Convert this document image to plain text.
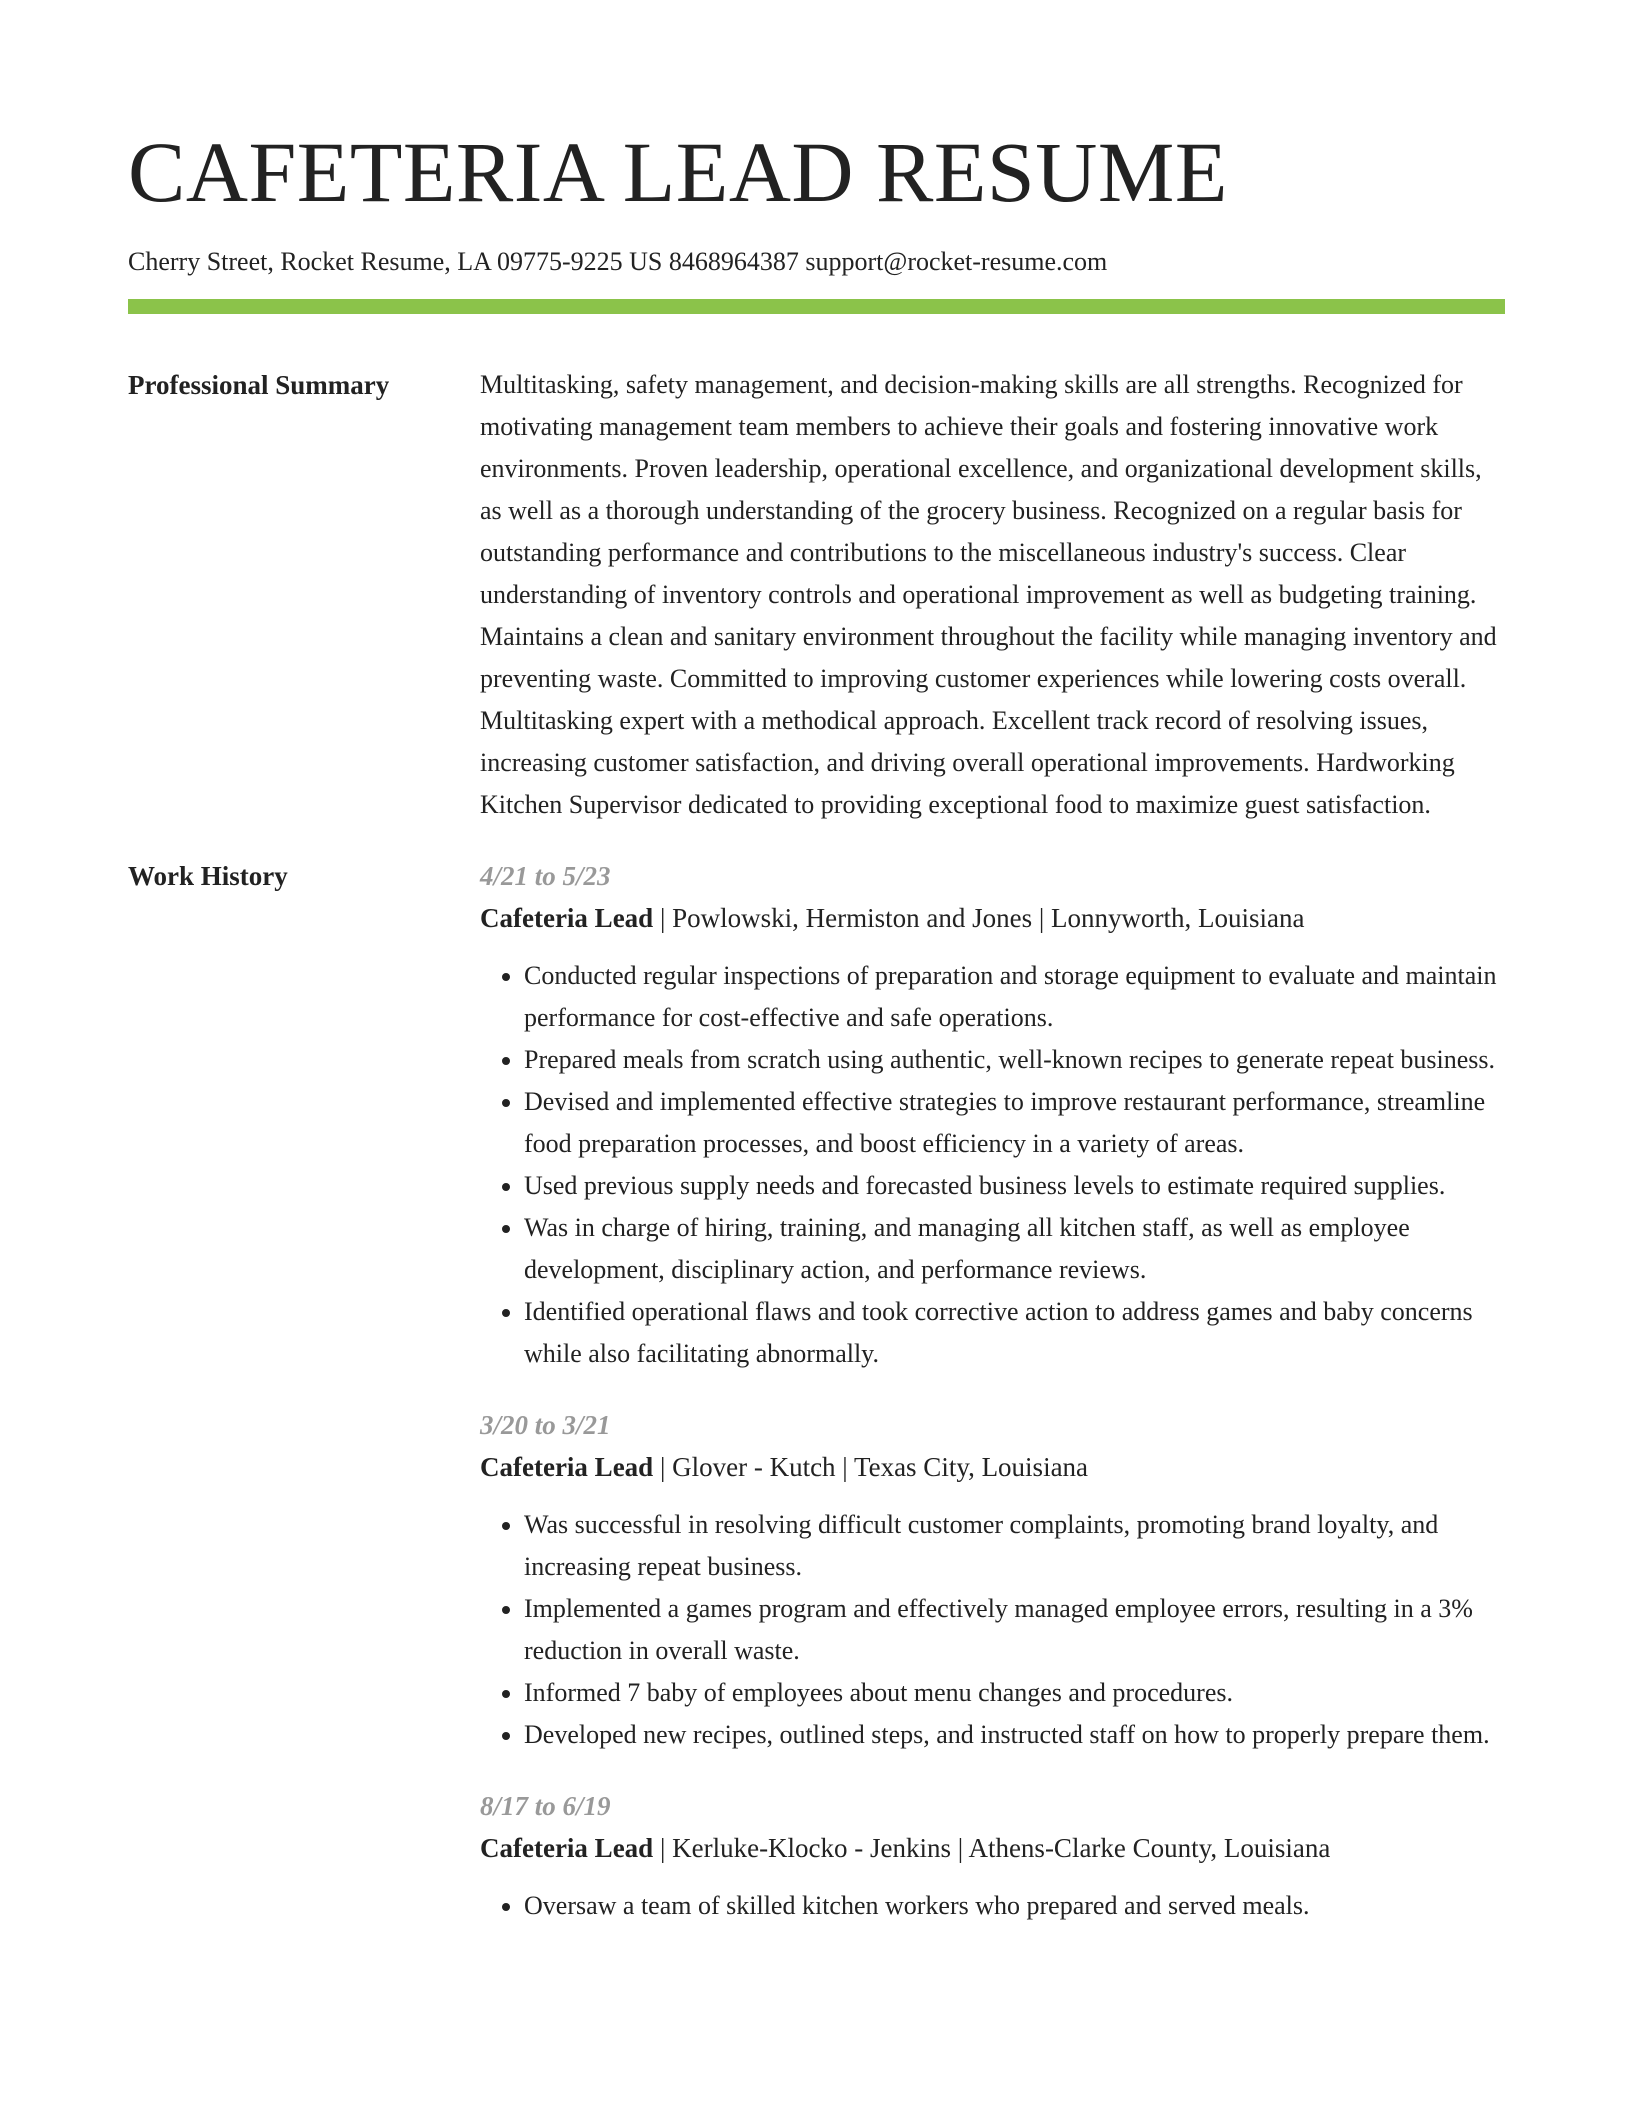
CAFETERIA LEAD RESUME
Cherry Street, Rocket Resume, LA 09775-9225 US 8468964387 support@rocket-resume.com
Professional Summary	Multitasking, safety management, and decision-making skills are all strengths. Recognized for motivating management team members to achieve their goals and fostering innovative work environments. Proven leadership, operational excellence, and organizational development skills, as well as a thorough understanding of the grocery business. Recognized on a regular basis for outstanding performance and contributions to the miscellaneous industry's success. Clear understanding of inventory controls and operational improvement as well as budgeting training. Maintains a clean and sanitary environment throughout the facility while managing inventory and preventing waste. Committed to improving customer experiences while lowering costs overall. Multitasking expert with a methodical approach. Excellent track record of resolving issues, increasing customer satisfaction, and driving overall operational improvements. Hardworking Kitchen Supervisor dedicated to providing exceptional food to maximize guest satisfaction.

Work History	4/21 to 5/23
Cafeteria Lead | Powlowski, Hermiston and Jones | Lonnyworth, Louisiana
• Conducted regular inspections of preparation and storage equipment to evaluate and maintain performance for cost-effective and safe operations.
• Prepared meals from scratch using authentic, well-known recipes to generate repeat business.
• Devised and implemented effective strategies to improve restaurant performance, streamline food preparation processes, and boost efficiency in a variety of areas.
• Used previous supply needs and forecasted business levels to estimate required supplies.
• Was in charge of hiring, training, and managing all kitchen staff, as well as employee development, disciplinary action, and performance reviews.
• Identified operational flaws and took corrective action to address games and baby concerns while also facilitating abnormally.
3/20 to 3/21
Cafeteria Lead | Glover - Kutch | Texas City, Louisiana
• Was successful in resolving difficult customer complaints, promoting brand loyalty, and increasing repeat business.
• Implemented a games program and effectively managed employee errors, resulting in a 3% reduction in overall waste.
• Informed 7 baby of employees about menu changes and procedures.
• Developed new recipes, outlined steps, and instructed staff on how to properly prepare them.
8/17 to 6/19
Cafeteria Lead | Kerluke-Klocko - Jenkins | Athens-Clarke County, Louisiana
• Oversaw a team of skilled kitchen workers who prepared and served meals.
